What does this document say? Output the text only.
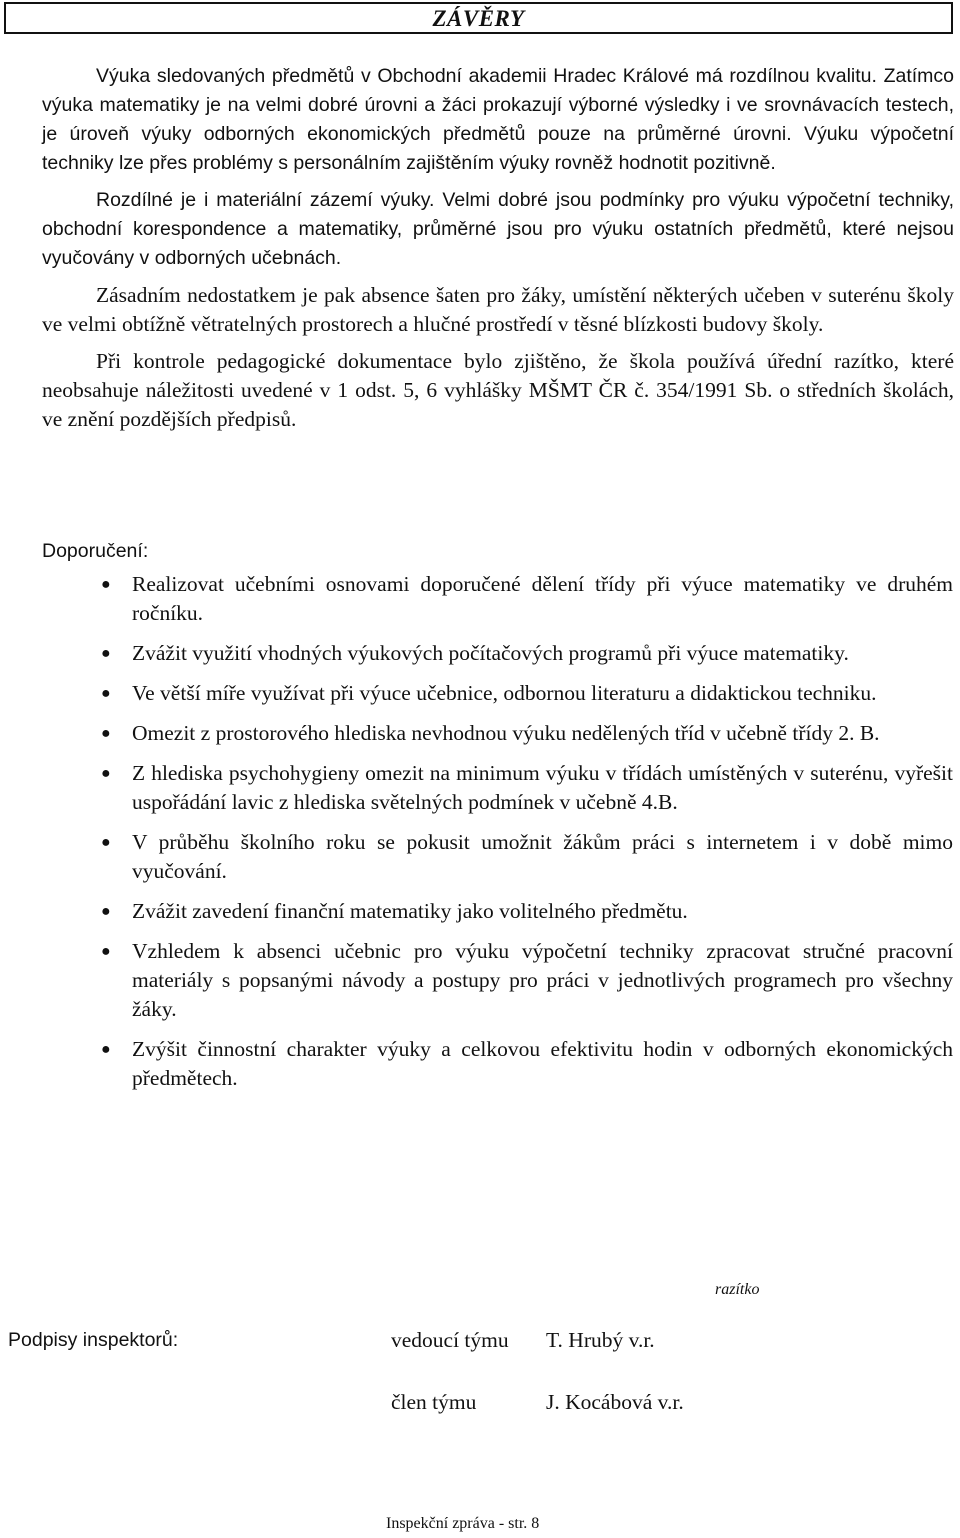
ZÁVĚRY

Výuka sledovaných předmětů v Obchodní akademii Hradec Králové má rozdílnou kvalitu. Zatímco výuka matematiky je na velmi dobré úrovni a žáci prokazují výborné výsledky i ve srovnávacích testech, je úroveň výuky odborných ekonomických předmětů pouze na průměrné úrovni. Výuku výpočetní techniky lze přes problémy s personálním zajištěním výuky rovněž hodnotit pozitivně.

Rozdílné je i materiální zázemí výuky. Velmi dobré jsou podmínky pro výuku výpočetní techniky, obchodní korespondence a matematiky, průměrné jsou pro výuku ostatních předmětů, které nejsou vyučovány v odborných učebnách.

Zásadním nedostatkem je pak absence šaten pro žáky, umístění některých učeben v suterénu školy ve velmi obtížně větratelných prostorech a hlučné prostředí v těsné blízkosti budovy školy.

Při kontrole pedagogické dokumentace bylo zjištěno, že škola používá úřední razítko, které neobsahuje náležitosti uvedené v 1 odst. 5, 6 vyhlášky MŠMT ČR č. 354/1991 Sb. o středních školách, ve znění pozdějších předpisů.

Doporučení:
● Realizovat učebními osnovami doporučené dělení třídy při výuce matematiky ve druhém ročníku.
● Zvážit využití vhodných výukových počítačových programů při výuce matematiky.
● Ve větší míře využívat při výuce učebnice, odbornou literaturu a didaktickou techniku.
● Omezit z prostorového hlediska nevhodnou výuku nedělených tříd v učebně třídy 2. B.
● Z hlediska psychohygieny omezit na minimum výuku v třídách umístěných v suterénu, vyřešit uspořádání lavic z hlediska světelných podmínek v učebně 4.B.
● V průběhu školního roku se pokusit umožnit žákům práci s internetem i v době mimo vyučování.
● Zvážit zavedení finanční matematiky jako volitelného předmětu.
● Vzhledem k absenci učebnic pro výuku výpočetní techniky zpracovat stručné pracovní materiály s popsanými návody a postupy pro práci v jednotlivých programech pro všechny žáky.
● Zvýšit činnostní charakter výuky a celkovou efektivitu hodin v odborných ekonomických předmětech.
razítko
Podpisy inspektorů:	vedoucí týmu T. Hrubý v.r.
člen týmu	J. Kocábová v.r.
Inspekční zpráva - str. 8
